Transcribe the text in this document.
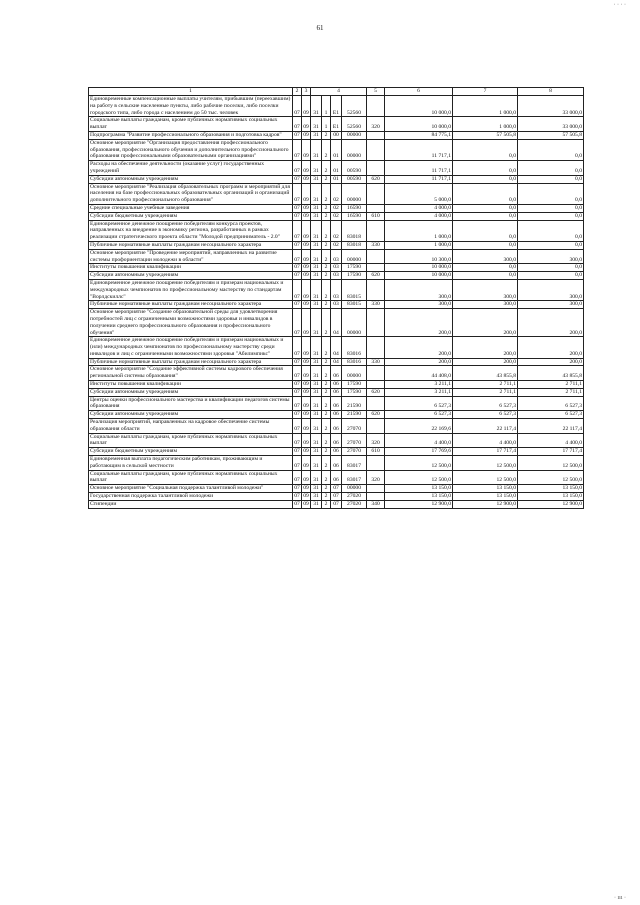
61
· · · ·
· ııı ·
1	2	3	4				5	6	7	8
Единовременные компенсационные выплаты учителям, прибывшим (переехавшим) на работу в сельские населенные пункты, либо рабочие поселки, либо поселки городского типа, либо города с населением до 50 тыс. человек	07	09	31	1	E1	52560		10 000,0	1 000,0	33 000,0
Социальные выплаты гражданам, кроме публичных нормативных социальных выплат	07	09	31	1	E1	52560	320	10 000,0	1 000,0	33 000,0
Подпрограмма "Развитие профессионального образования и подготовка кадров"	07	09	31	2	00	00000		84 775,1	57 505,8	57 505,8
Основное мероприятие "Организация предоставления профессионального образования, профессионального обучения и дополнительного профессионального образования профессиональными образовательными организациями"	07	09	31	2	01	00000		11 717,1	0,0	0,0
Расходы на обеспечение деятельности (оказание услуг) государственных учреждений	07	09	31	2	01	00590		11 717,1	0,0	0,0
Субсидии автономным учреждениям	07	09	31	2	01	00590	620	11 717,1	0,0	0,0
Основное мероприятие "Реализация образовательных программ и мероприятий для населения на базе профессиональных образовательных организаций и организаций дополнительного профессионального образования"	07	09	31	2	02	00000		5 000,0	0,0	0,0
Средние специальные учебные заведения	07	09	31	2	02	16590		4 000,0	0,0	0,0
Субсидии бюджетным учреждениям	07	09	31	2	02	16590	610	4 000,0	0,0	0,0
Единовременное денежное поощрение победителям конкурса проектов, направленных на внедрение в экономику региона, разработанных в рамках реализации стратегического проекта области "Молодой предприниматель - 2.0"	07	09	31	2	02	83018		1 000,0	0,0	0,0
Публичные нормативные выплаты гражданам несоциального характера	07	09	31	2	02	83018	330	1 000,0	0,0	0,0
Основное мероприятие "Проведение мероприятий, направленных на развитие системы профориентации молодежи в области"	07	09	31	2	03	00000		10 300,0	300,0	300,0
Институты повышения квалификации	07	09	31	2	03	17590		10 000,0	0,0	0,0
Субсидии автономным учреждениям	07	09	31	2	03	17590	620	10 000,0	0,0	0,0
Единовременное денежное поощрение победителям и призерам национальных и международных чемпионатов по профессиональному мастерству по стандартам "Ворлдскиллс"	07	09	31	2	03	83015		300,0	300,0	300,0
Публичные нормативные выплаты гражданам несоциального характера	07	09	31	2	03	83015	330	300,0	300,0	300,0
Основное мероприятие "Создание образовательной среды для удовлетворения потребностей лиц с ограниченными возможностями здоровья и инвалидов в получении среднего профессионального образования и профессионального обучения"	07	09	31	2	04	00000		200,0	200,0	200,0
Единовременное денежное поощрение победителям и призерам национальных и (или) международных чемпионатов по профессиональному мастерству среди инвалидов и лиц с ограниченными возможностями здоровья "Абилимпикс"	07	09	31	2	04	83016		200,0	200,0	200,0
Публичные нормативные выплаты гражданам несоциального характера	07	09	31	2	04	83016	330	200,0	200,0	200,0
Основное мероприятие "Создание эффективной системы кадрового обеспечения региональной системы образования"	07	09	31	2	06	00000		44 408,0	43 855,8	43 855,8
Институты повышения квалификации	07	09	31	2	06	17590		3 211,1	2 711,1	2 711,1
Субсидии автономным учреждениям	07	09	31	2	06	17590	620	3 211,1	2 711,1	2 711,1
Центры оценки профессионального мастерства и квалификации педагогов системы образования	07	09	31	2	06	21590		6 527,3	6 527,3	6 527,3
Субсидии автономным учреждениям	07	09	31	2	06	21590	620	6 527,3	6 527,3	6 527,3
Реализация мероприятий, направленных на кадровое обеспечение системы образования области	07	09	31	2	06	27070		22 169,6	22 117,4	22 117,4
Социальные выплаты гражданам, кроме публичных нормативных социальных выплат	07	09	31	2	06	27070	320	4 400,0	4 400,0	4 400,0
Субсидии бюджетным учреждениям	07	09	31	2	06	27070	610	17 769,6	17 717,4	17 717,4
Единовременная выплата педагогическим работникам, проживающим и работающим в сельской местности	07	09	31	2	06	83017		12 500,0	12 500,0	12 500,0
Социальные выплаты гражданам, кроме публичных нормативных социальных выплат	07	09	31	2	06	83017	320	12 500,0	12 500,0	12 500,0
Основное мероприятие "Социальная поддержка талантливой молодежи"	07	09	31	2	07	00000		13 150,0	13 150,0	13 150,0
Государственная поддержка талантливой молодежи	07	09	31	2	07	27020		13 150,0	13 150,0	13 150,0
Стипендии	07	09	31	2	07	27020	340	12 900,0	12 900,0	12 900,0
